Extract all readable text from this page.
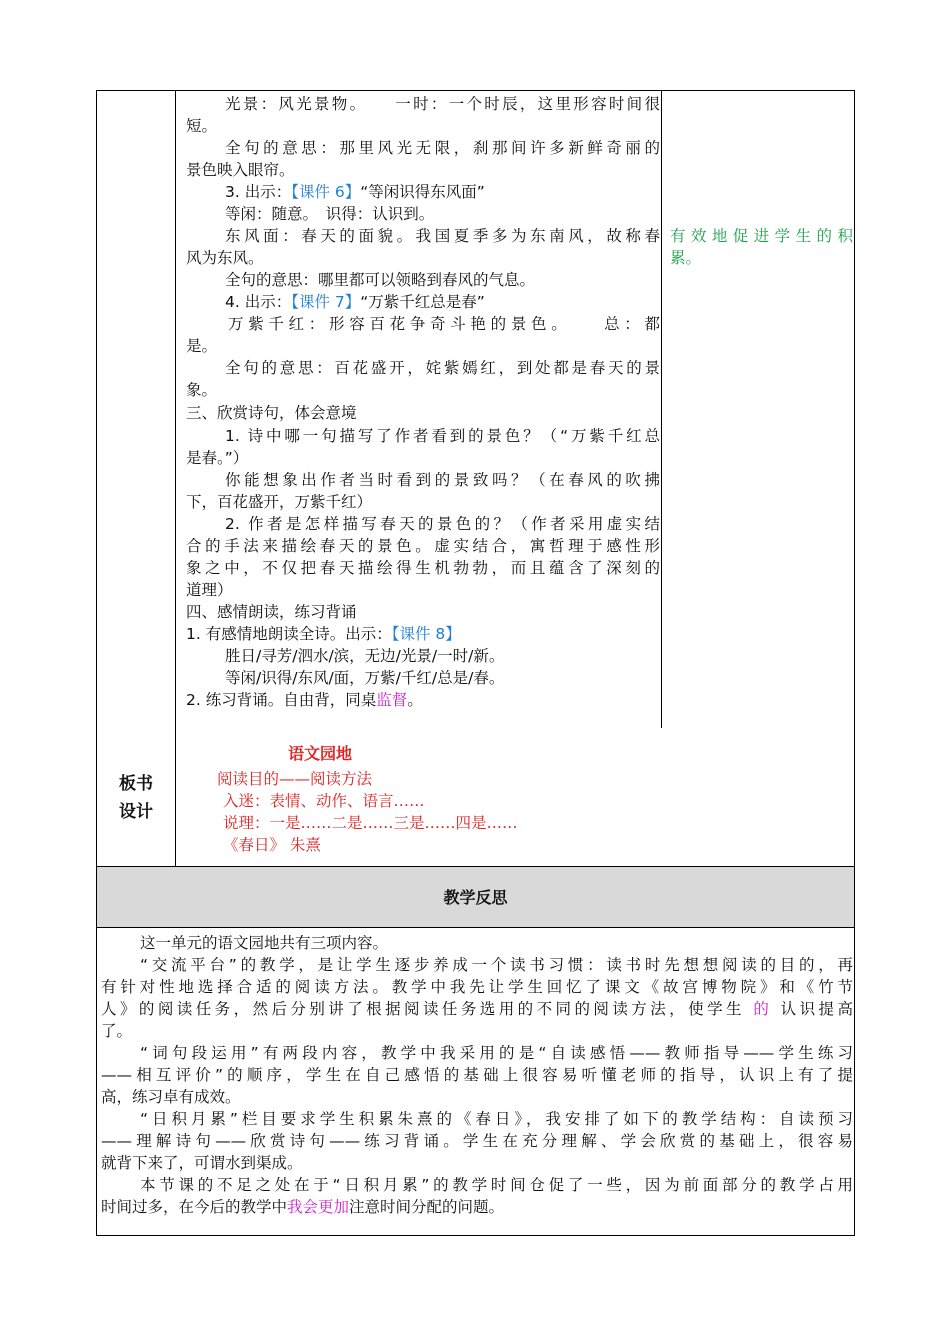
光景：风光景物。　　一时：一个时辰，这里形容时间很
短。
全句的意思：那里风光无限，刹那间许多新鲜奇丽的
景色映入眼帘。
3. 出示：【课件 6】“等闲识得东风面”
等闲：随意。　识得：认识到。
东风面：春天的面貌。我国夏季多为东南风，故称春
风为东风。
全句的意思：哪里都可以领略到春风的气息。
4. 出示：【课件 7】“万紫千红总是春”
万紫千红：形容百花争奇斗艳的景色。　　总：都
是。
全句的意思：百花盛开，姹紫嫣红，到处都是春天的景
象。
三、欣赏诗句，体会意境
1. 诗中哪一句描写了作者看到的景色？（“万紫千红总
是春。”）
你能想象出作者当时看到的景致吗？（在春风的吹拂
下，百花盛开，万紫千红）
2. 作者是怎样描写春天的景色的？（作者采用虚实结
合的手法来描绘春天的景色。虚实结合，寓哲理于感性形
象之中，不仅把春天描绘得生机勃勃，而且蕴含了深刻的
道理）
四、感情朗读，练习背诵
1. 有感情地朗读全诗。出示：【课件 8】
胜日/寻芳/泗水/滨，无边/光景/一时/新。
等闲/识得/东风/面，万紫/千红/总是/春。
2. 练习背诵。自由背，同桌监督。
有效地促进学生的积
累。
板书
设计
语文园地
阅读目的——阅读方法
入迷：表情、动作、语言……
说理：一是……二是……三是……四是……
《春日》 朱熹
教学反思
这一单元的语文园地共有三项内容。
“交流平台”的教学，是让学生逐步养成一个读书习惯：读书时先想想阅读的目的，再
有针对性地选择合适的阅读方法。教学中我先让学生回忆了课文《故宫博物院》和《竹节
人》的阅读任务，然后分别讲了根据阅读任务选用的不同的阅读方法，使学生 的 认识提高
了。
“词句段运用”有两段内容，教学中我采用的是“自读感悟——教师指导——学生练习
——相互评价”的顺序，学生在自己感悟的基础上很容易听懂老师的指导，认识上有了提
高，练习卓有成效。
“日积月累”栏目要求学生积累朱熹的《春日》，我安排了如下的教学结构：自读预习
——理解诗句——欣赏诗句——练习背诵。学生在充分理解、学会欣赏的基础上，很容易
就背下来了，可谓水到渠成。
本节课的不足之处在于“日积月累”的教学时间仓促了一些，因为前面部分的教学占用
时间过多，在今后的教学中我会更加注意时间分配的问题。
